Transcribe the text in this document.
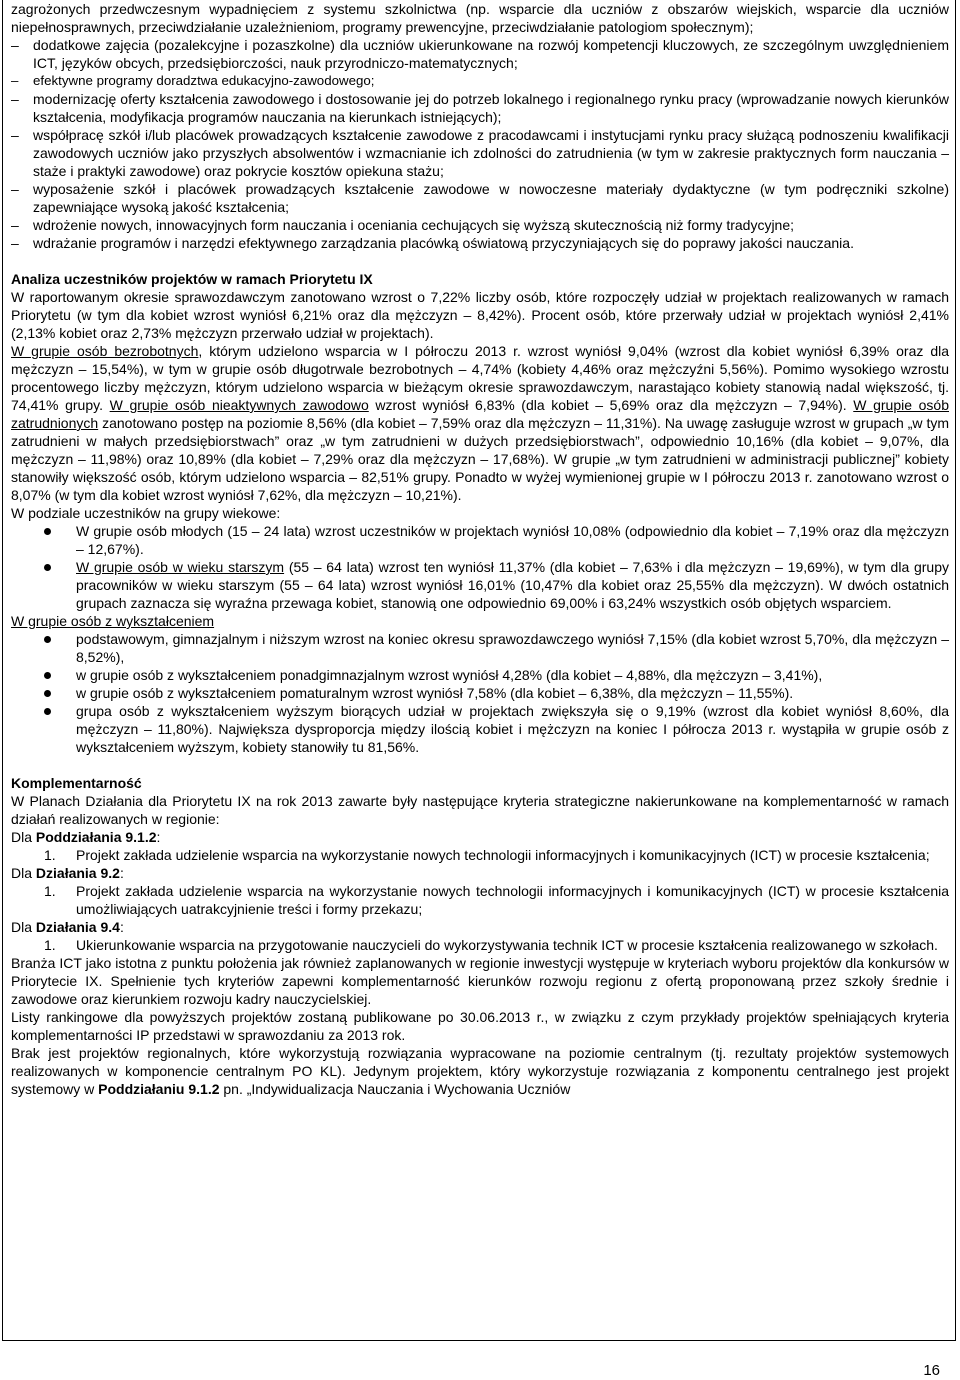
zagrożonych przedwczesnym wypadnięciem z systemu szkolnictwa (np. wsparcie dla uczniów z obszarów wiejskich, wsparcie dla uczniów niepełnosprawnych, przeciwdziałanie uzależnieniom, programy prewencyjne, przeciwdziałanie patologiom społecznym);

– dodatkowe zajęcia (pozalekcyjne i pozaszkolne) dla uczniów ukierunkowane na rozwój kompetencji kluczowych, ze szczególnym uwzględnieniem ICT, języków obcych, przedsiębiorczości, nauk przyrodniczo-matematycznych;
– efektywne programy doradztwa edukacyjno-zawodowego;
– modernizację oferty kształcenia zawodowego i dostosowanie jej do potrzeb lokalnego i regionalnego rynku pracy (wprowadzanie nowych kierunków kształcenia, modyfikacja programów nauczania na kierunkach istniejących);
– współpracę szkół i/lub placówek prowadzących kształcenie zawodowe z pracodawcami i instytucjami rynku pracy służącą podnoszeniu kwalifikacji zawodowych uczniów jako przyszłych absolwentów i wzmacnianie ich zdolności do zatrudnienia (w tym w zakresie praktycznych form nauczania – staże i praktyki zawodowe) oraz pokrycie kosztów opiekuna stażu;
– wyposażenie szkół i placówek prowadzących kształcenie zawodowe w nowoczesne materiały dydaktyczne (w tym podręczniki szkolne) zapewniające wysoką jakość kształcenia;
– wdrożenie nowych, innowacyjnych form nauczania i oceniania cechujących się wyższą skutecznością niż formy tradycyjne;
– wdrażanie programów i narzędzi efektywnego zarządzania placówką oświatową przyczyniających się do poprawy jakości nauczania.

Analiza uczestników projektów w ramach Priorytetu IX

W raportowanym okresie sprawozdawczym zanotowano wzrost o 7,22% liczby osób, które rozpoczęły udział w projektach realizowanych w ramach Priorytetu (w tym dla kobiet wzrost wyniósł 6,21% oraz dla mężczyzn – 8,42%). Procent osób, które przerwały udział w projektach wyniósł 2,41% (2,13% kobiet oraz 2,73% mężczyzn przerwało udział w projektach).

W grupie osób bezrobotnych, którym udzielono wsparcia w I półroczu 2013 r. wzrost wyniósł 9,04% (wzrost dla kobiet wyniósł 6,39% oraz dla mężczyzn – 15,54%), w tym w grupie osób długotrwale bezrobotnych – 4,74% (kobiety 4,46% oraz mężczyźni 5,56%). Pomimo wysokiego wzrostu procentowego liczby mężczyzn, którym udzielono wsparcia w bieżącym okresie sprawozdawczym, narastająco kobiety stanowią nadal większość, tj. 74,41% grupy. W grupie osób nieaktywnych zawodowo wzrost wyniósł 6,83% (dla kobiet – 5,69% oraz dla mężczyzn – 7,94%). W grupie osób zatrudnionych zanotowano postęp na poziomie 8,56% (dla kobiet – 7,59% oraz dla mężczyzn – 11,31%). Na uwagę zasługuje wzrost w grupach „w tym zatrudnieni w małych przedsiębiorstwach” oraz „w tym zatrudnieni w dużych przedsiębiorstwach”, odpowiednio 10,16% (dla kobiet – 9,07%, dla mężczyzn – 11,98%) oraz 10,89% (dla kobiet – 7,29% oraz dla mężczyzn – 17,68%). W grupie „w tym zatrudnieni w administracji publicznej” kobiety stanowiły większość osób, którym udzielono wsparcia – 82,51% grupy. Ponadto w wyżej wymienionej grupie w I półroczu 2013 r. zanotowano wzrost o 8,07% (w tym dla kobiet wzrost wyniósł 7,62%, dla mężczyzn – 10,21%).

W podziale uczestników na grupy wiekowe:

W grupie osób młodych (15 – 24 lata) wzrost uczestników w projektach wyniósł 10,08% (odpowiednio dla kobiet – 7,19% oraz dla mężczyzn – 12,67%).
W grupie osób w wieku starszym (55 – 64 lata) wzrost ten wyniósł 11,37% (dla kobiet – 7,63% i dla mężczyzn – 19,69%), w tym dla grupy pracowników w wieku starszym (55 – 64 lata) wzrost wyniósł 16,01% (10,47% dla kobiet oraz 25,55% dla mężczyzn). W dwóch ostatnich grupach zaznacza się wyraźna przewaga kobiet, stanowią one odpowiednio 69,00% i 63,24% wszystkich osób objętych wsparciem.

W grupie osób z wykształceniem

podstawowym, gimnazjalnym i niższym wzrost na koniec okresu sprawozdawczego wyniósł 7,15% (dla kobiet wzrost 5,70%, dla mężczyzn – 8,52%),
w grupie osób z wykształceniem ponadgimnazjalnym wzrost wyniósł 4,28% (dla kobiet – 4,88%, dla mężczyzn – 3,41%),
w grupie osób z wykształceniem pomaturalnym wzrost wyniósł 7,58% (dla kobiet – 6,38%, dla mężczyzn – 11,55%).
grupa osób z wykształceniem wyższym biorących udział w projektach zwiększyła się o 9,19% (wzrost dla kobiet wyniósł 8,60%, dla mężczyzn – 11,80%). Największa dysproporcja między ilością kobiet i mężczyzn na koniec I półrocza 2013 r. wystąpiła w grupie osób z wykształceniem wyższym, kobiety stanowiły tu 81,56%.

Komplementarność

W Planach Działania dla Priorytetu IX na rok 2013 zawarte były następujące kryteria strategiczne nakierunkowane na komplementarność w ramach działań realizowanych w regionie:

Dla Poddziałania 9.1.2:

1. Projekt zakłada udzielenie wsparcia na wykorzystanie nowych technologii informacyjnych i komunikacyjnych (ICT) w procesie kształcenia;

Dla Działania 9.2:

1. Projekt zakłada udzielenie wsparcia na wykorzystanie nowych technologii informacyjnych i komunikacyjnych (ICT) w procesie kształcenia umożliwiających uatrakcyjnienie treści i formy przekazu;

Dla Działania 9.4:

1. Ukierunkowanie wsparcia na przygotowanie nauczycieli do wykorzystywania technik ICT w procesie kształcenia realizowanego w szkołach.

Branża ICT jako istotna z punktu położenia jak również zaplanowanych w regionie inwestycji występuje w kryteriach wyboru projektów dla konkursów w Priorytecie IX. Spełnienie tych kryteriów zapewni komplementarność kierunków rozwoju regionu z ofertą proponowaną przez szkoły średnie i zawodowe oraz kierunkiem rozwoju kadry nauczycielskiej.

Listy rankingowe dla powyższych projektów zostaną publikowane po 30.06.2013 r., w związku z czym przykłady projektów spełniających kryteria komplementarności IP przedstawi w sprawozdaniu za 2013 rok.

Brak jest projektów regionalnych, które wykorzystują rozwiązania wypracowane na poziomie centralnym (tj. rezultaty projektów systemowych realizowanych w komponencie centralnym PO KL). Jedynym projektem, który wykorzystuje rozwiązania z komponentu centralnego jest projekt systemowy w Poddziałaniu 9.1.2 pn. „Indywidualizacja Nauczania i Wychowania Uczniów

16
